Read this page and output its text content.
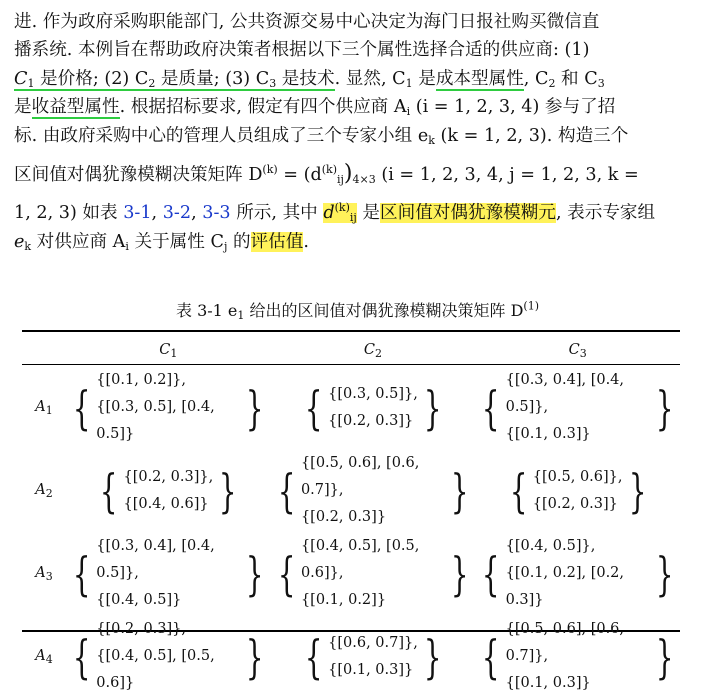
进. 作为政府采购职能部门, 公共资源交易中心决定为海门日报社购买微信直
播系统. 本例旨在帮助政府决策者根据以下三个属性选择合适的供应商: (1)
$C_1$ 是价格; (2) $C_2$ 是质量; (3) $C_3$ 是技术. 显然, $C_1$ 是成本型属性, $C_2$ 和 $C_3$
是收益型属性. 根据招标要求, 假定有四个供应商 $A_i$ (i = 1, 2, 3, 4) 参与了招
标. 由政府采购中心的管理人员组成了三个专家小组 $e_k$ (k = 1, 2, 3). 构造三个
区间值对偶犹豫模糊决策矩阵 $D^{(k)} = (d^{(k)}_{ij})_{4\times 3}$ (i = 1, 2, 3, 4, j = 1, 2, 3, k =
1, 2, 3) 如表 3-1, 3-2, 3-3 所示, 其中 $d^{(k)}_{ij}$ 是区间值对偶犹豫模糊元, 表示专家组
$e_k$ 对供应商 $A_i$ 关于属性 $C_j$ 的评估值.
表 3-1 $e_1$ 给出的区间值对偶犹豫模糊决策矩阵 $D^{(1)}$
	$C_1$	$C_2$	$C_3$
$A_1$	{
{[0.1, 0.2]},
{[0.3, 0.5], [0.4, 0.5]} }	{ {[0.3, 0.5]},
{[0.2, 0.3]} }	{
{[0.3, 0.4], [0.4, 0.5]},
{[0.1, 0.3]} }

$A_2$	{ {[0.2, 0.3]},
{[0.4, 0.6]} }	{
{[0.5, 0.6], [0.6, 0.7]},
{[0.2, 0.3]} }	{ {[0.5, 0.6]},
{[0.2, 0.3]} }

$A_3$	{
{[0.3, 0.4], [0.4, 0.5]},
{[0.4, 0.5]} }	{
{[0.4, 0.5], [0.5, 0.6]},
{[0.1, 0.2]} }	{
{[0.4, 0.5]},
{[0.1, 0.2], [0.2, 0.3]} }

$A_4$	{
{[0.2, 0.3]},
{[0.4, 0.5], [0.5, 0.6]} }	{ {[0.6, 0.7]},
{[0.1, 0.3]} }	{
{[0.5, 0.6], [0.6, 0.7]},
{[0.1, 0.3]} }
